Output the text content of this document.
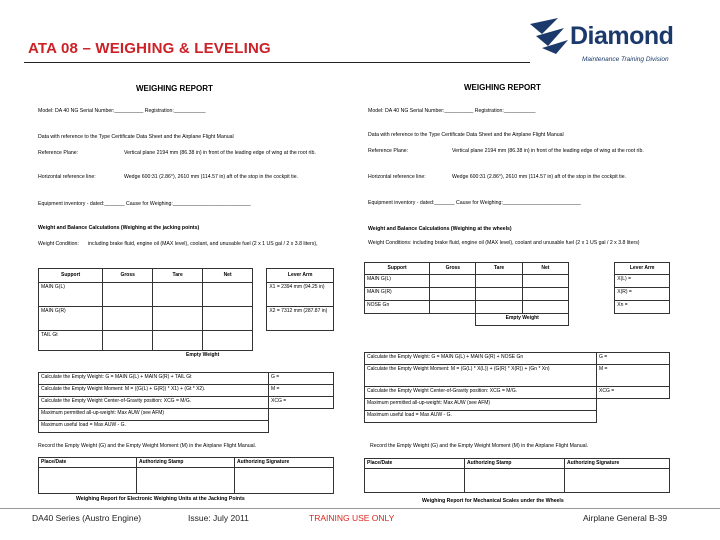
ATA 08 – WEIGHING & LEVELING	Diamond
Maintenance Training Division
WEIGHING REPORT
Model: DA 40 NG Serial Number:__________ Registration:___________
Data with reference to the Type Certificate Data Sheet and the Airplane Flight Manual
Reference Plane:	Vertical plane 2194 mm (86.38 in) in front of the leading edge of wing at the root rib.
Horizontal reference line:	Wedge 600:31 (2.86°), 2610 mm (114.57 in) aft of the stop in the cockpit tie.
Equipment inventory - dated:_______ Cause for Weighing:___________________________
Weight and Balance Calculations (Weighing at the jacking points)
Weight Condition: including brake fluid, engine oil (MAX level), coolant, and unusable fuel (2 x 1 US gal / 2 x 3.8 liters),
Support	Gross	Tare	Net		Lever Arm
MAIN G(L)					X1 = 2394 mm (94.25 in)
MAIN G(R)					X2 = 7312 mm (287.87 in)
TAIL Gt					
		Empty Weight			
Calculate the Empty Weight: G = MAIN G(L) + MAIN G(R) + TAIL Gt	G =
Calculate the Empty Weight Moment: M = ((G(L) + G(R)) * X1) + (Gt * X2).	M =
Calculate the Empty Weight Center-of-Gravity position: XCG = M/G.	XCG =
Maximum permitted all-up-weight: Max AUW (see AFM)	
Maximum useful load = Max AUW - G.	
Record the Empty Weight (G) and the Empty Weight Moment (M) in the Airplane Flight Manual.
Place/Date	Authorizing Stamp	Authorizing Signature

Weighing Report for Electronic Weighing Units at the Jacking Points
WEIGHING REPORT
Model: DA 40 NG Serial Number:__________ Registration:___________
Data with reference to the Type Certificate Data Sheet and the Airplane Flight Manual
Reference Plane:	Vertical plane 2194 mm (86.38 in) in front of the leading edge of wing at the root rib.
Horizontal reference line:	Wedge 600:31 (2.86°), 2610 mm (114.57 in) aft of the stop in the cockpit tie.
Equipment inventory - dated:_______ Cause for Weighing:___________________________
Weight and Balance Calculations (Weighing at the wheels)
Weight Conditions: including brake fluid, engine oil (MAX level), coolant and unusable fuel (2 x 1 US gal / 2 x 3.8 liters)
Support	Gross	Tare	Net		Lever Arm
MAIN G(L)					X(L) =
MAIN G(R)					X(R) =
NOSE Gn					Xn =
		Empty Weight			
Calculate the Empty Weight: G = MAIN G(L) + MAIN G(R) + NOSE Gn	G =
Calculate the Empty Weight Moment: M = (G(L) * X(L)) + (G(R) * X(R)) + (Gn * Xn)	M =
Calculate the Empty Weight Center-of-Gravity position: XCG = M/G.	XCG =
Maximum permitted all-up-weight: Max AUW (see AFM)	
Maximum useful load = Max AUW - G.	
Record the Empty Weight (G) and the Empty Weight Moment (M) in the Airplane Flight Manual.
Place/Date	Authorizing Stamp	Authorizing Signature

Weighing Report for Mechanical Scales under the Wheels
DA40 Series (Austro Engine)	Issue: July 2011	TRAINING USE ONLY	Airplane General B-39
